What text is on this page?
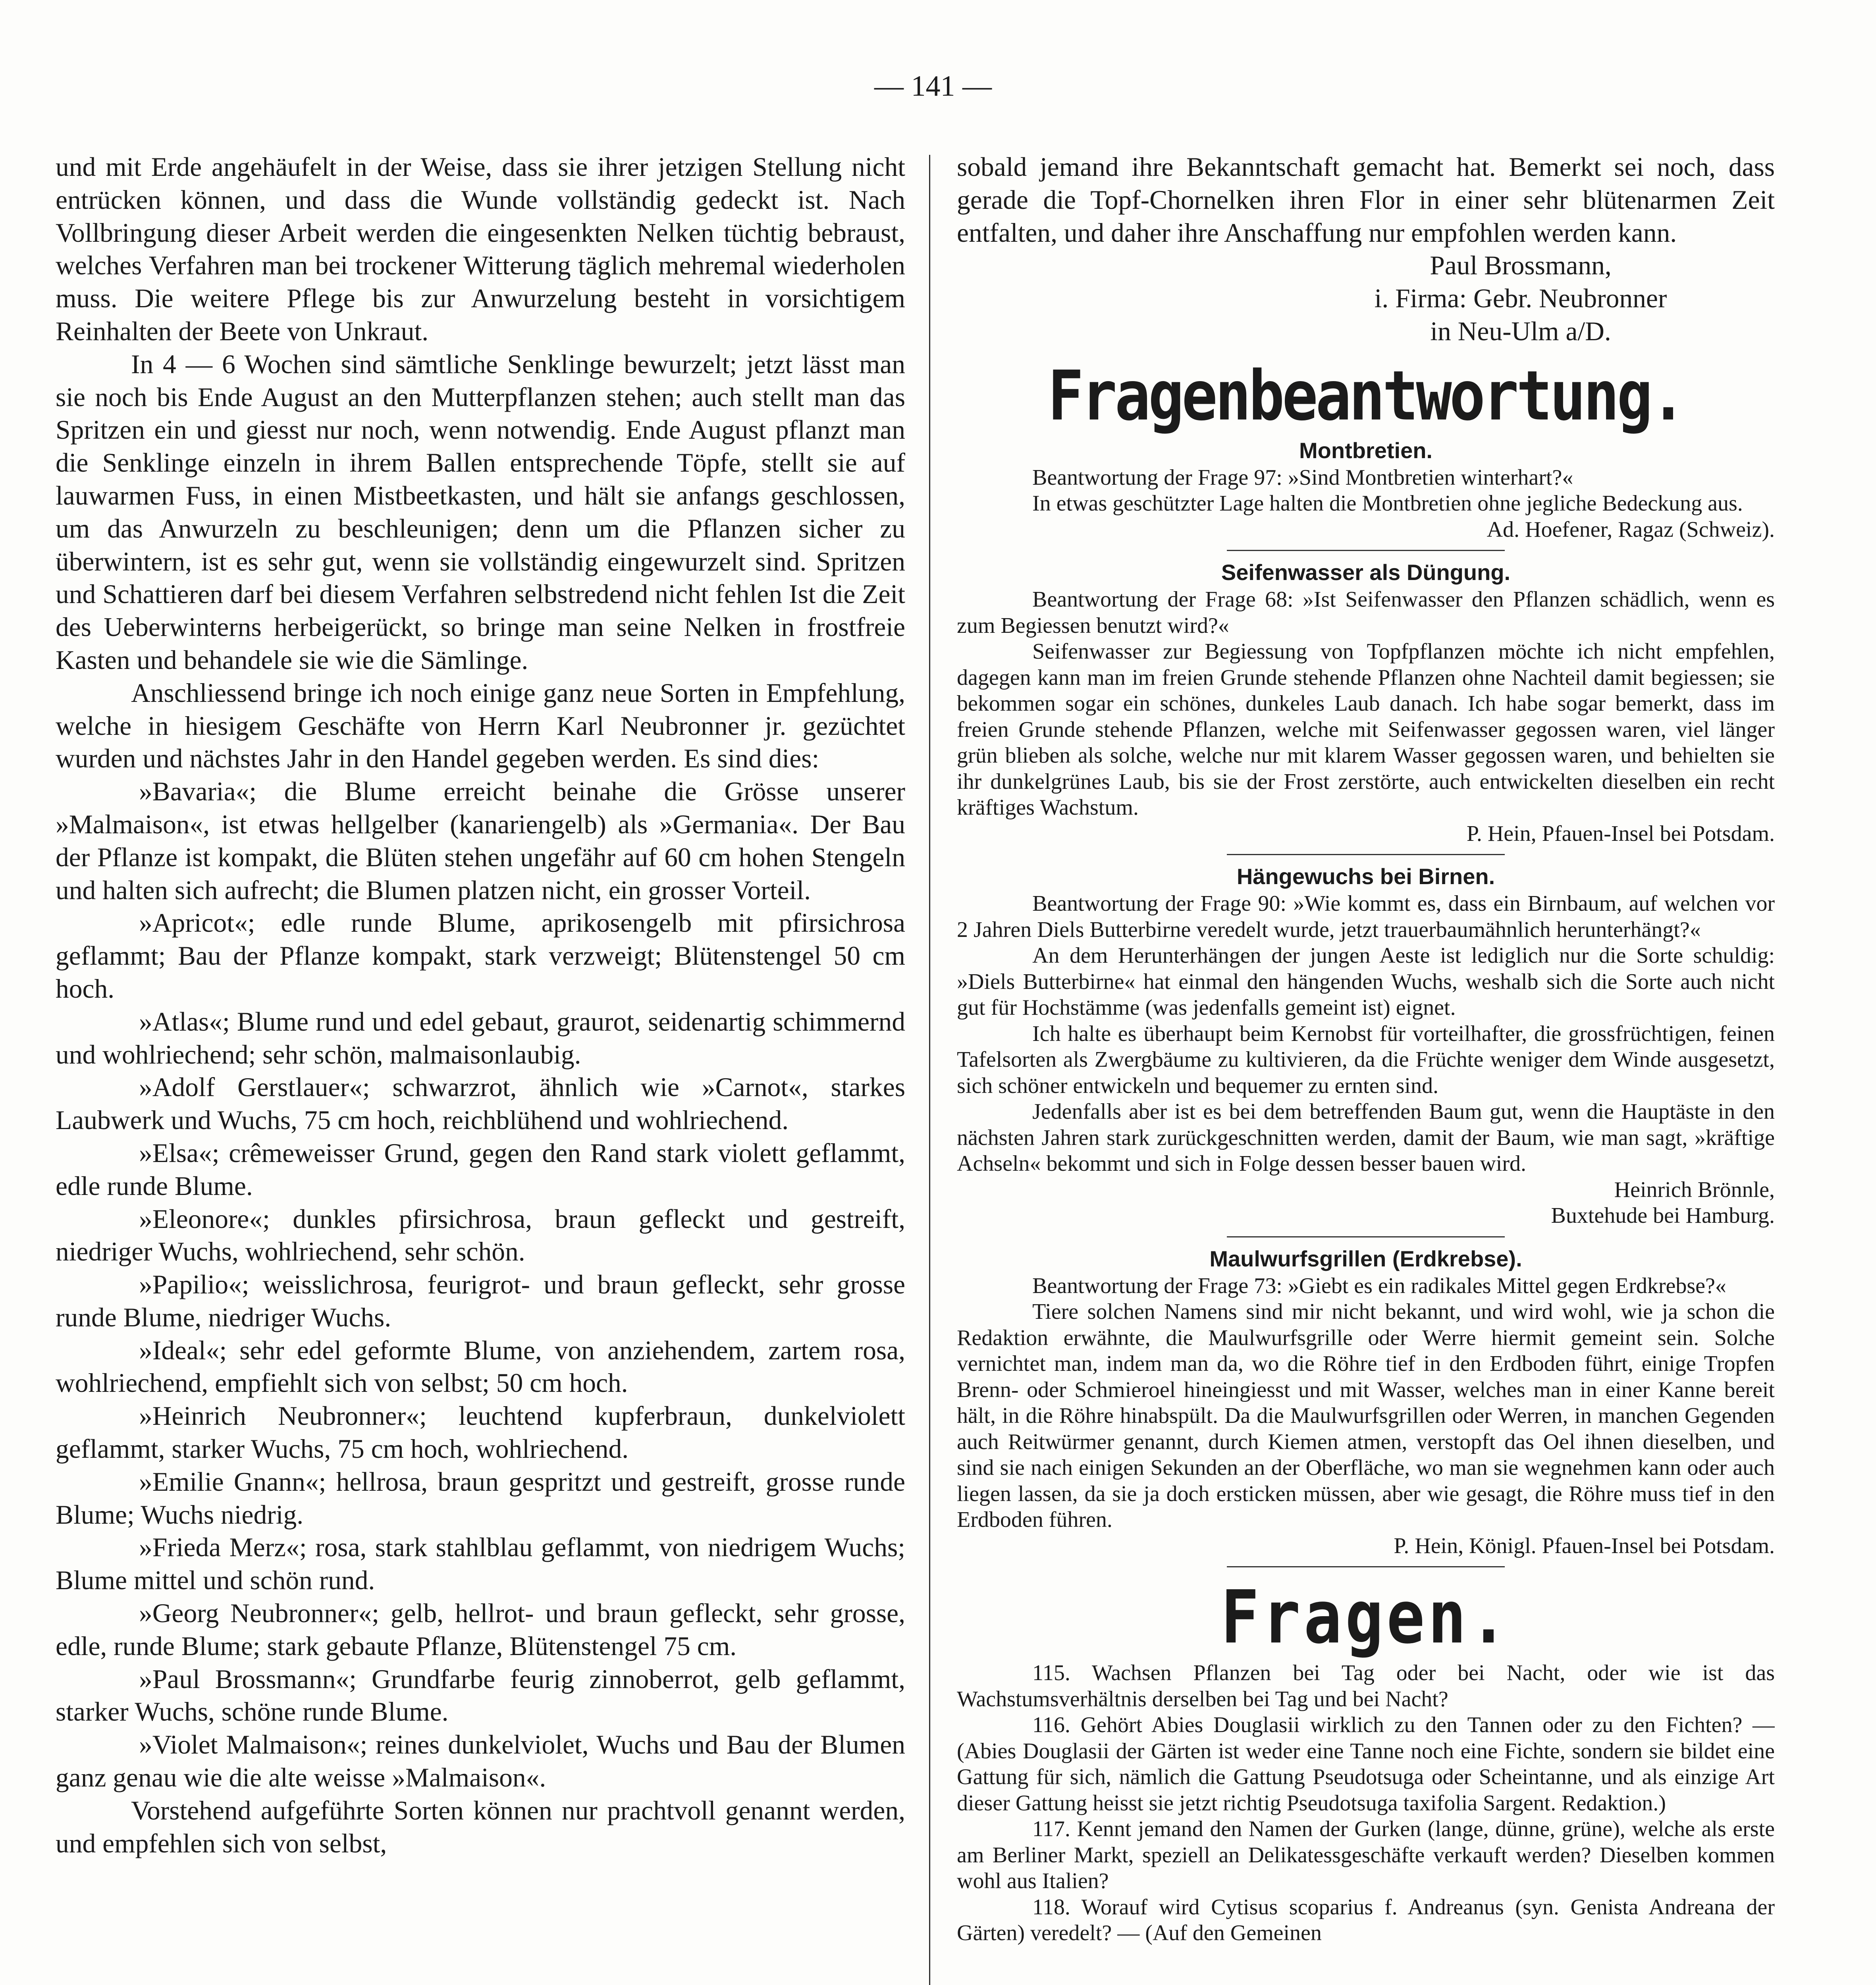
— 141 —

und mit Erde angehäufelt in der Weise, dass sie ihrer jetzigen Stellung nicht entrücken können, und dass die Wunde vollständig gedeckt ist. Nach Vollbringung dieser Arbeit werden die eingesenkten Nelken tüchtig bebraust, welches Verfahren man bei trockener Witterung täglich mehremal wiederholen muss. Die weitere Pflege bis zur Anwurzelung besteht in vorsichtigem Reinhalten der Beete von Unkraut.

In 4 — 6 Wochen sind sämtliche Senklinge bewurzelt; jetzt lässt man sie noch bis Ende August an den Mutterpflanzen stehen; auch stellt man das Spritzen ein und giesst nur noch, wenn notwendig. Ende August pflanzt man die Senklinge einzeln in ihrem Ballen entsprechende Töpfe, stellt sie auf lauwarmen Fuss, in einen Mistbeetkasten, und hält sie anfangs geschlossen, um das Anwurzeln zu beschleunigen; denn um die Pflanzen sicher zu überwintern, ist es sehr gut, wenn sie vollständig eingewurzelt sind. Spritzen und Schattieren darf bei diesem Verfahren selbstredend nicht fehlen Ist die Zeit des Ueberwinterns herbeigerückt, so bringe man seine Nelken in frostfreie Kasten und behandele sie wie die Sämlinge.

Anschliessend bringe ich noch einige ganz neue Sorten in Empfehlung, welche in hiesigem Geschäfte von Herrn Karl Neubronner jr. gezüchtet wurden und nächstes Jahr in den Handel gegeben werden. Es sind dies:

»Bavaria«; die Blume erreicht beinahe die Grösse unserer »Malmaison«, ist etwas hellgelber (kanariengelb) als »Germania«. Der Bau der Pflanze ist kompakt, die Blüten stehen ungefähr auf 60 cm hohen Stengeln und halten sich aufrecht; die Blumen platzen nicht, ein grosser Vorteil.

»Apricot«; edle runde Blume, aprikosengelb mit pfirsichrosa geflammt; Bau der Pflanze kompakt, stark verzweigt; Blütenstengel 50 cm hoch.

»Atlas«; Blume rund und edel gebaut, graurot, seidenartig schimmernd und wohlriechend; sehr schön, malmaisonlaubig.

»Adolf Gerstlauer«; schwarzrot, ähnlich wie »Carnot«, starkes Laubwerk und Wuchs, 75 cm hoch, reichblühend und wohlriechend.

»Elsa«; crêmeweisser Grund, gegen den Rand stark violett geflammt, edle runde Blume.

»Eleonore«; dunkles pfirsichrosa, braun gefleckt und gestreift, niedriger Wuchs, wohlriechend, sehr schön.

»Papilio«; weisslichrosa, feurigrot- und braun gefleckt, sehr grosse runde Blume, niedriger Wuchs.

»Ideal«; sehr edel geformte Blume, von anziehendem, zartem rosa, wohlriechend, empfiehlt sich von selbst; 50 cm hoch.

»Heinrich Neubronner«; leuchtend kupferbraun, dunkelviolett geflammt, starker Wuchs, 75 cm hoch, wohlriechend.

»Emilie Gnann«; hellrosa, braun gespritzt und gestreift, grosse runde Blume; Wuchs niedrig.

»Frieda Merz«; rosa, stark stahlblau geflammt, von niedrigem Wuchs; Blume mittel und schön rund.

»Georg Neubronner«; gelb, hellrot- und braun gefleckt, sehr grosse, edle, runde Blume; stark gebaute Pflanze, Blütenstengel 75 cm.

»Paul Brossmann«; Grundfarbe feurig zinnoberrot, gelb geflammt, starker Wuchs, schöne runde Blume.

»Violet Malmaison«; reines dunkelviolet, Wuchs und Bau der Blumen ganz genau wie die alte weisse »Malmaison«.

Vorstehend aufgeführte Sorten können nur prachtvoll genannt werden, und empfehlen sich von selbst,

sobald jemand ihre Bekanntschaft gemacht hat. Bemerkt sei noch, dass gerade die Topf-Chornelken ihren Flor in einer sehr blütenarmen Zeit entfalten, und daher ihre Anschaffung nur empfohlen werden kann.

Paul Brossmann,

i. Firma: Gebr. Neubronner

in Neu-Ulm a/D.

Fragenbeantwortung.
Montbretien.

Beantwortung der Frage 97: »Sind Montbretien winterhart?«

In etwas geschützter Lage halten die Montbretien ohne jegliche Bedeckung aus.

Ad. Hoefener, Ragaz (Schweiz).

Seifenwasser als Düngung.

Beantwortung der Frage 68: »Ist Seifenwasser den Pflanzen schädlich, wenn es zum Begiessen benutzt wird?«

Seifenwasser zur Begiessung von Topfpflanzen möchte ich nicht empfehlen, dagegen kann man im freien Grunde stehende Pflanzen ohne Nachteil damit begiessen; sie bekommen sogar ein schönes, dunkeles Laub danach. Ich habe sogar bemerkt, dass im freien Grunde stehende Pflanzen, welche mit Seifenwasser gegossen waren, viel länger grün blieben als solche, welche nur mit klarem Wasser gegossen waren, und behielten sie ihr dunkelgrünes Laub, bis sie der Frost zerstörte, auch entwickelten dieselben ein recht kräftiges Wachstum.

P. Hein, Pfauen-Insel bei Potsdam.

Hängewuchs bei Birnen.

Beantwortung der Frage 90: »Wie kommt es, dass ein Birnbaum, auf welchen vor 2 Jahren Diels Butterbirne veredelt wurde, jetzt trauerbaumähnlich herunterhängt?«

An dem Herunterhängen der jungen Aeste ist lediglich nur die Sorte schuldig: »Diels Butterbirne« hat einmal den hängenden Wuchs, weshalb sich die Sorte auch nicht gut für Hochstämme (was jedenfalls gemeint ist) eignet.

Ich halte es überhaupt beim Kernobst für vorteilhafter, die grossfrüchtigen, feinen Tafelsorten als Zwergbäume zu kultivieren, da die Früchte weniger dem Winde ausgesetzt, sich schöner entwickeln und bequemer zu ernten sind.

Jedenfalls aber ist es bei dem betreffenden Baum gut, wenn die Hauptäste in den nächsten Jahren stark zurückgeschnitten werden, damit der Baum, wie man sagt, »kräftige Achseln« bekommt und sich in Folge dessen besser bauen wird.

Heinrich Brönnle,

Buxtehude bei Hamburg.

Maulwurfsgrillen (Erdkrebse).

Beantwortung der Frage 73: »Giebt es ein radikales Mittel gegen Erdkrebse?«

Tiere solchen Namens sind mir nicht bekannt, und wird wohl, wie ja schon die Redaktion erwähnte, die Maulwurfsgrille oder Werre hiermit gemeint sein. Solche vernichtet man, indem man da, wo die Röhre tief in den Erdboden führt, einige Tropfen Brenn- oder Schmieroel hineingiesst und mit Wasser, welches man in einer Kanne bereit hält, in die Röhre hinabspült. Da die Maulwurfsgrillen oder Werren, in manchen Gegenden auch Reitwürmer genannt, durch Kiemen atmen, verstopft das Oel ihnen dieselben, und sind sie nach einigen Sekunden an der Oberfläche, wo man sie wegnehmen kann oder auch liegen lassen, da sie ja doch ersticken müssen, aber wie gesagt, die Röhre muss tief in den Erdboden führen.

P. Hein, Königl. Pfauen-Insel bei Potsdam.

Fragen.

115. Wachsen Pflanzen bei Tag oder bei Nacht, oder wie ist das Wachstumsverhältnis derselben bei Tag und bei Nacht?

116. Gehört Abies Douglasii wirklich zu den Tannen oder zu den Fichten? — (Abies Douglasii der Gärten ist weder eine Tanne noch eine Fichte, sondern sie bildet eine Gattung für sich, nämlich die Gattung Pseudotsuga oder Scheintanne, und als einzige Art dieser Gattung heisst sie jetzt richtig Pseudotsuga taxifolia Sargent. Redaktion.)

117. Kennt jemand den Namen der Gurken (lange, dünne, grüne), welche als erste am Berliner Markt, speziell an Delikatessgeschäfte verkauft werden? Dieselben kommen wohl aus Italien?

118. Worauf wird Cytisus scoparius f. Andreanus (syn. Genista Andreana der Gärten) veredelt? — (Auf den Gemeinen
